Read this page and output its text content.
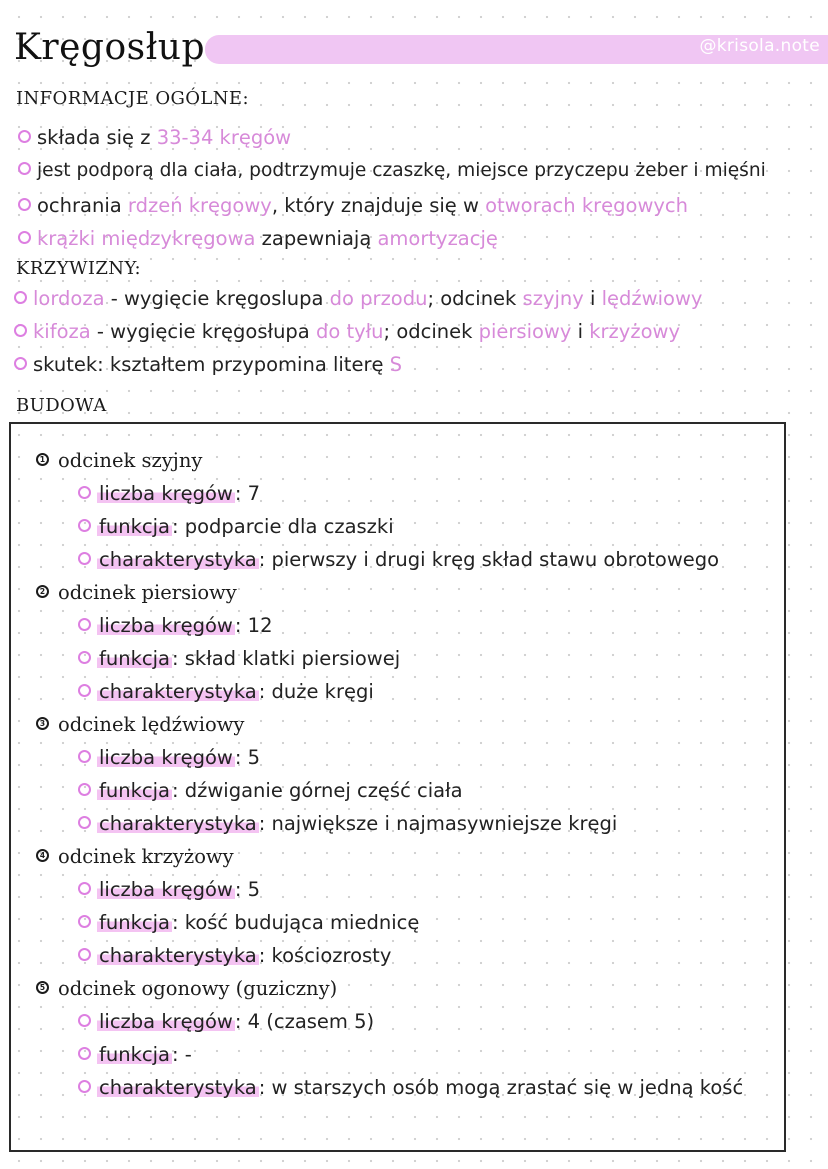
Kręgosłup	@krisola.note
INFORMACJE OGÓLNE:
składa się z 33-34 kręgów
jest podporą dla ciała, podtrzymuje czaszkę, miejsce przyczepu żeber i mięśni
ochrania rdzeń kręgowy, który znajduje się w otworach kręgowych
krążki międzykręgowa zapewniają amortyzację
KRZYWIZNY:
lordoza - wygięcie kręgoslupa do przodu; odcinek szyjny i lędźwiowy
kifoza - wygięcie kręgosłupa do tyłu; odcinek piersiowy i krzyżowy
skutek: kształtem przypomina literę S
BUDOWA
1 odcinek szyjny
liczba kręgów : 7
funkcja : podparcie dla czaszki
charakterystyka : pierwszy i drugi kręg skład stawu obrotowego
2 odcinek piersiowy
liczba kręgów : 12
funkcja : skład klatki piersiowej
charakterystyka : duże kręgi
3 odcinek lędźwiowy
liczba kręgów : 5
funkcja : dźwiganie górnej część ciała
charakterystyka : największe i najmasywniejsze kręgi
4 odcinek krzyżowy
liczba kręgów : 5
funkcja : kość budująca miednicę
charakterystyka : kościozrosty
5 odcinek ogonowy (guziczny)
liczba kręgów : 4 (czasem 5)
funkcja : -
charakterystyka : w starszych osób mogą zrastać się w jedną kość
